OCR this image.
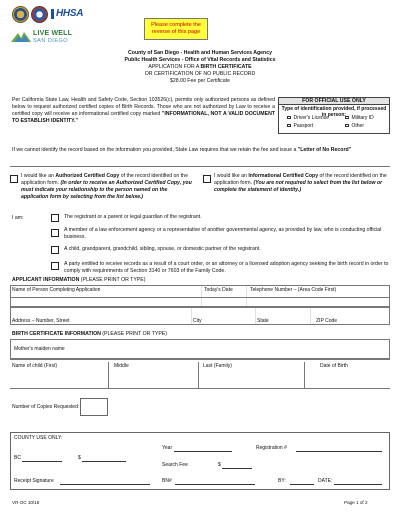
HHSA
LIVE WELL
SAN DIEGO
Please complete the
reverse of this page
County of San Diego - Health and Human Services Agency
Public Health Services - Office of Vital Records and Statistics
APPLICATION FOR A BIRTH CERTIFICATE
OR CERTIFICATION OF NO PUBLIC RECORD
$28.00 Fee per Certificate
Per California State Law, Health and Safety Code, Section 103526(c), permits only authorized persons as defined below to request authorized certified copies of Birth Records. Those who are not authorized by Law to receive a certified copy will receive an informational certified copy marked "INFORMATIONAL, NOT A VALID DOCUMENT TO ESTABLISH IDENTITY."
FOR OFFICIAL USE ONLY
Type of identification provided, if processed in person:
Driver's License	Military ID
Passport	Other
If we cannot identify the record based on the information you provided, State Law requires that we retain the fee and issue a "Letter of No Record"
I would like an Authorized Certified Copy of the record identified on the application form. (In order to receive an Authorized Certified Copy, you must indicate your relationship to the person named on the application form by selecting from the list below.)
I would like an Informational Certified Copy of the record identified on the application form. (You are not required to select from the list below or complete the statement of identity.)
I am:	The registrant or a parent or legal guardian of the registrant.
A member of a law enforcement agency or a representative of another governmental agency, as provided by law, who is conducting official business.
A child, grandparent, grandchild, sibling, spouse, or domestic partner of the registrant.
A party entitled to receive records as a result of a court order, or an attorney or a licensed adoption agency seeking the birth record in order to comply with requirements of Section 3140 or 7603 of the Family Code.
APPLICANT INFORMATION (PLEASE PRINT OR TYPE)
Name of Person Completing Application	Today's Date	Telephone Number – (Area Code First)
Address – Number, Street	City	State	ZIP Code
BIRTH CERTIFICATE INFORMATION (PLEASE PRINT OR TYPE)
Mother's maiden name
Name of child (First)	Middle	Last (Family)	Date of Birth
Number of Copies Requested:
COUNTY USE ONLY:
Year	Registration #
BC	$
Search Fee	$
Receipt Signature	BN#	BY:	DATE:
VR OC 10/16	Page 1 of 2
